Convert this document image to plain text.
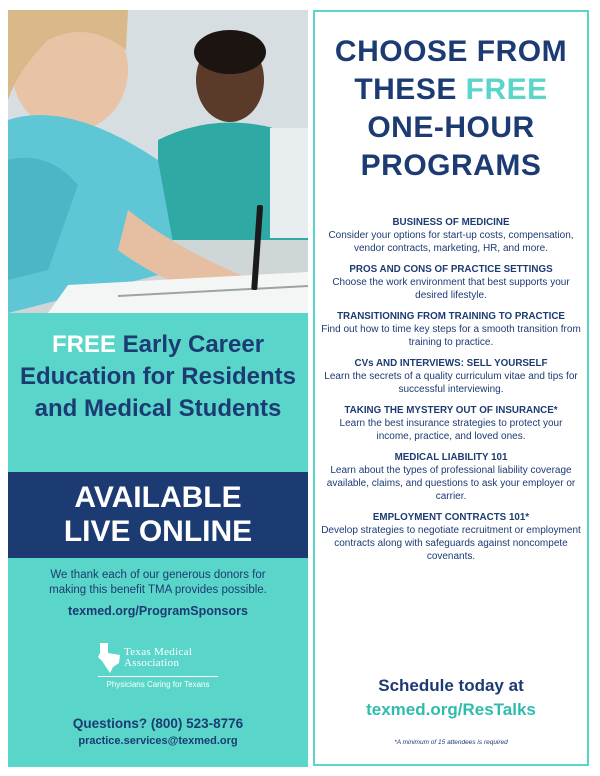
FREE Early Career Education for Residents and Medical Students
AVAILABLE
LIVE ONLINE
We thank each of our generous donors for making this benefit TMA provides possible.
texmed.org/ProgramSponsors
Texas Medical
Association
Physicians Caring for Texans
Questions? (800) 523-8776
practice.services@texmed.org
CHOOSE FROM
THESE FREE
ONE-HOUR
PROGRAMS
BUSINESS OF MEDICINE
Consider your options for start-up costs, compensation, vendor contracts, marketing, HR, and more.
PROS AND CONS OF PRACTICE SETTINGS
Choose the work environment that best supports your desired lifestyle.
TRANSITIONING FROM TRAINING TO PRACTICE
Find out how to time key steps for a smooth transition from training to practice.
CVs AND INTERVIEWS: SELL YOURSELF
Learn the secrets of a quality curriculum vitae and tips for successful interviewing.
TAKING THE MYSTERY OUT OF INSURANCE*
Learn the best insurance strategies to protect your income, practice, and loved ones.
MEDICAL LIABILITY 101
Learn about the types of professional liability coverage available, claims, and questions to ask your employer or carrier.
EMPLOYMENT CONTRACTS 101*
Develop strategies to negotiate recruitment or employment contracts along with safeguards against noncompete covenants.
Schedule today at
texmed.org/ResTalks
*A minimum of 15 attendees is required
